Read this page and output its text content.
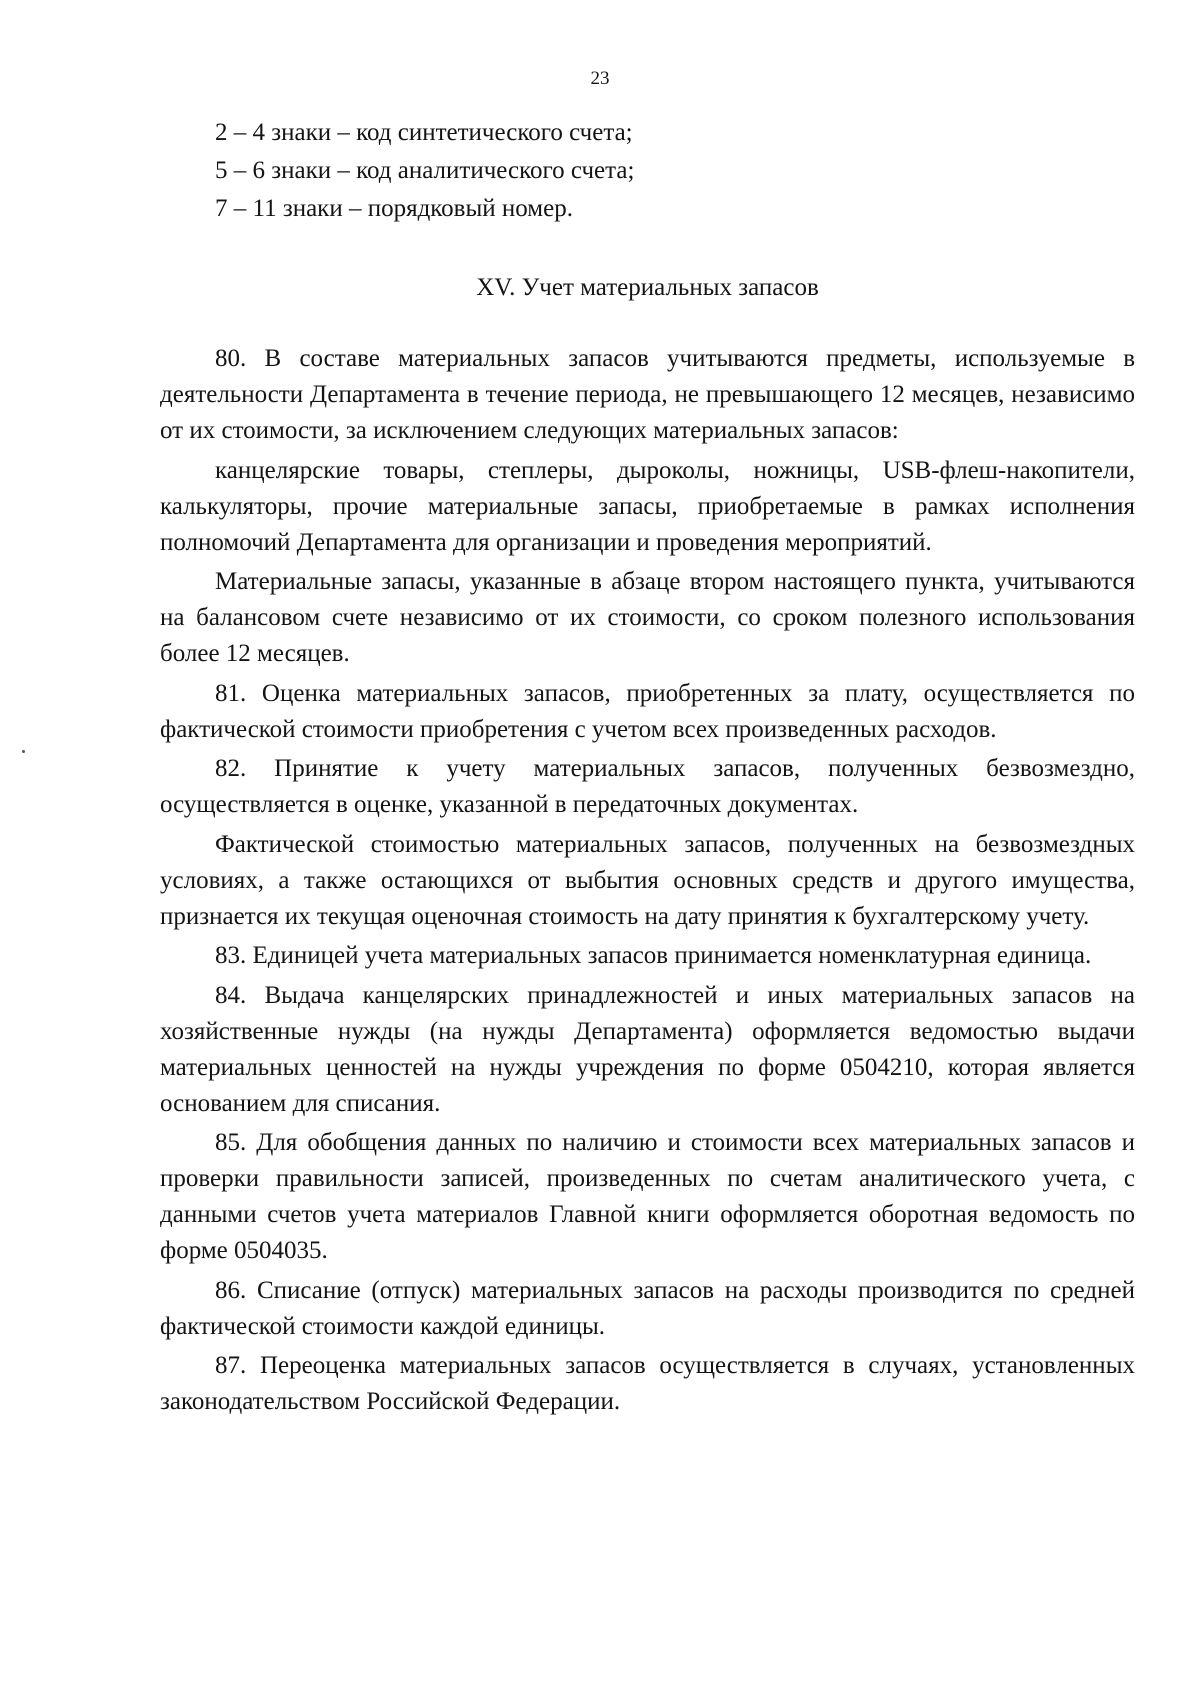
23

2 – 4 знаки – код синтетического счета;

5 – 6 знаки – код аналитического счета;

7 – 11 знаки – порядковый номер.

XV. Учет материальных запасов

80. В составе материальных запасов учитываются предметы, используемые в деятельности Департамента в течение периода, не превышающего 12 месяцев, независимо от их стоимости, за исключением следующих материальных запасов:

канцелярские товары, степлеры, дыроколы, ножницы, USB-флеш-накопители, калькуляторы, прочие материальные запасы, приобретаемые в рамках исполнения полномочий Департамента для организации и проведения мероприятий.

Материальные запасы, указанные в абзаце втором настоящего пункта, учитываются на балансовом счете независимо от их стоимости, со сроком полезного использования более 12 месяцев.

81. Оценка материальных запасов, приобретенных за плату, осуществляется по фактической стоимости приобретения с учетом всех произведенных расходов.

82. Принятие к учету материальных запасов, полученных безвозмездно, осуществляется в оценке, указанной в передаточных документах.

Фактической стоимостью материальных запасов, полученных на безвозмездных условиях, а также остающихся от выбытия основных средств и другого имущества, признается их текущая оценочная стоимость на дату принятия к бухгалтерскому учету.

83. Единицей учета материальных запасов принимается номенклатурная единица.

84. Выдача канцелярских принадлежностей и иных материальных запасов на хозяйственные нужды (на нужды Департамента) оформляется ведомостью выдачи материальных ценностей на нужды учреждения по форме 0504210, которая является основанием для списания.

85. Для обобщения данных по наличию и стоимости всех материальных запасов и проверки правильности записей, произведенных по счетам аналитического учета, с данными счетов учета материалов Главной книги оформляется оборотная ведомость по форме 0504035.

86. Списание (отпуск) материальных запасов на расходы производится по средней фактической стоимости каждой единицы.

87. Переоценка материальных запасов осуществляется в случаях, установленных законодательством Российской Федерации.
